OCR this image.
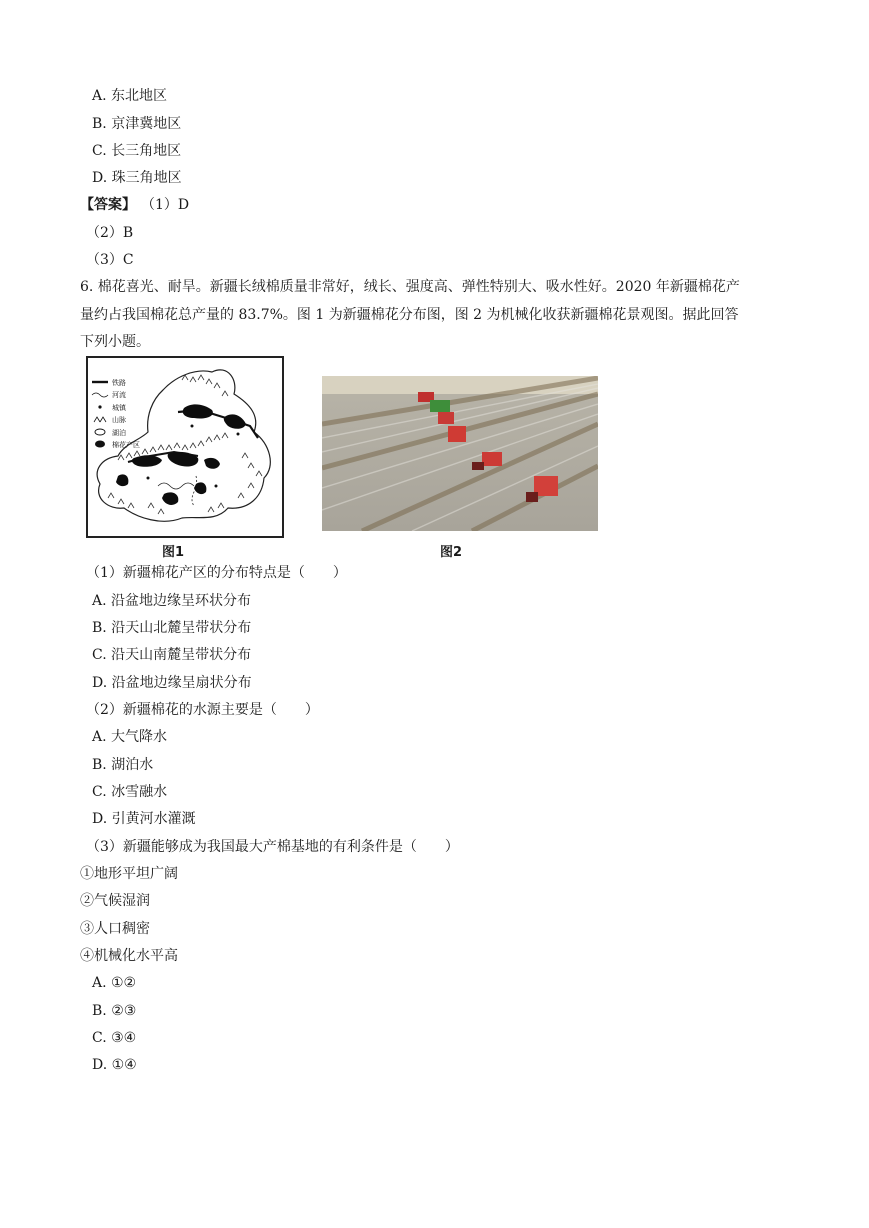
A. 东北地区
B. 京津冀地区
C. 长三角地区
D. 珠三角地区
【答案】 （1）D
（2）B
（3）C
6. 棉花喜光、耐旱。新疆长绒棉质量非常好，绒长、强度高、弹性特别大、吸水性好。2020 年新疆棉花产
量约占我国棉花总产量的 83.7%。图 1 为新疆棉花分布图，图 2 为机械化收获新疆棉花景观图。据此回答
下列小题。
铁路
河流
城镇
山脉
湖泊
棉花产区
图1	图2
（1）新疆棉花产区的分布特点是（　　）
A. 沿盆地边缘呈环状分布
B. 沿天山北麓呈带状分布
C. 沿天山南麓呈带状分布
D. 沿盆地边缘呈扇状分布
（2）新疆棉花的水源主要是（　　）
A. 大气降水
B. 湖泊水
C. 冰雪融水
D. 引黄河水灌溉
（3）新疆能够成为我国最大产棉基地的有利条件是（　　）
①地形平坦广阔
②气候湿润
③人口稠密
④机械化水平高
A. ①②
B. ②③
C. ③④
D. ①④
